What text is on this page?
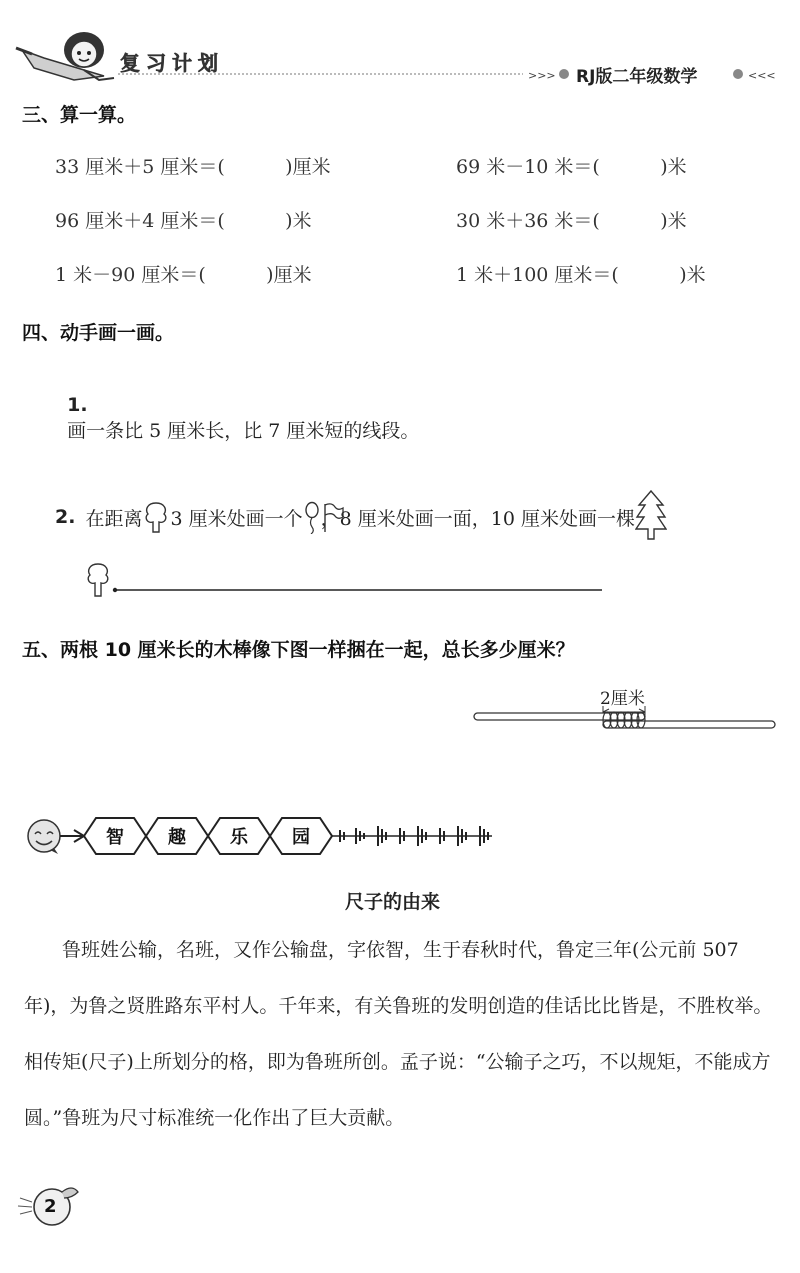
复习计划
>>>	<<<
RJ版二年级数学
三、算一算。
33 厘米＋5 厘米＝(          )厘米	69 米－10 米＝(          )米
96 厘米＋4 厘米＝(          )米	30 米＋36 米＝(          )米
1 米－90 厘米＝(          )厘米	1 米＋100 厘米＝(          )米
四、动手画一画。

1.
画一条比 5 厘米长，比 7 厘米短的线段。

2. 在距离 3 厘米处画一个 ，8 厘米处画一面 ，10 厘米处画一棵
五、两根 10 厘米长的木棒像下图一样捆在一起，总长多少厘米？
2厘米
智 趣 乐 园
尺子的由来
鲁班姓公输，名班，又作公输盘，字依智，生于春秋时代，鲁定三年(公元前 507 年)，为鲁之贤胜路东平村人。千年来，有关鲁班的发明创造的佳话比比皆是，不胜枚举。相传矩(尺子)上所划分的格，即为鲁班所创。孟子说：“公输子之巧，不以规矩，不能成方圆。”鲁班为尺寸标准统一化作出了巨大贡献。
2
